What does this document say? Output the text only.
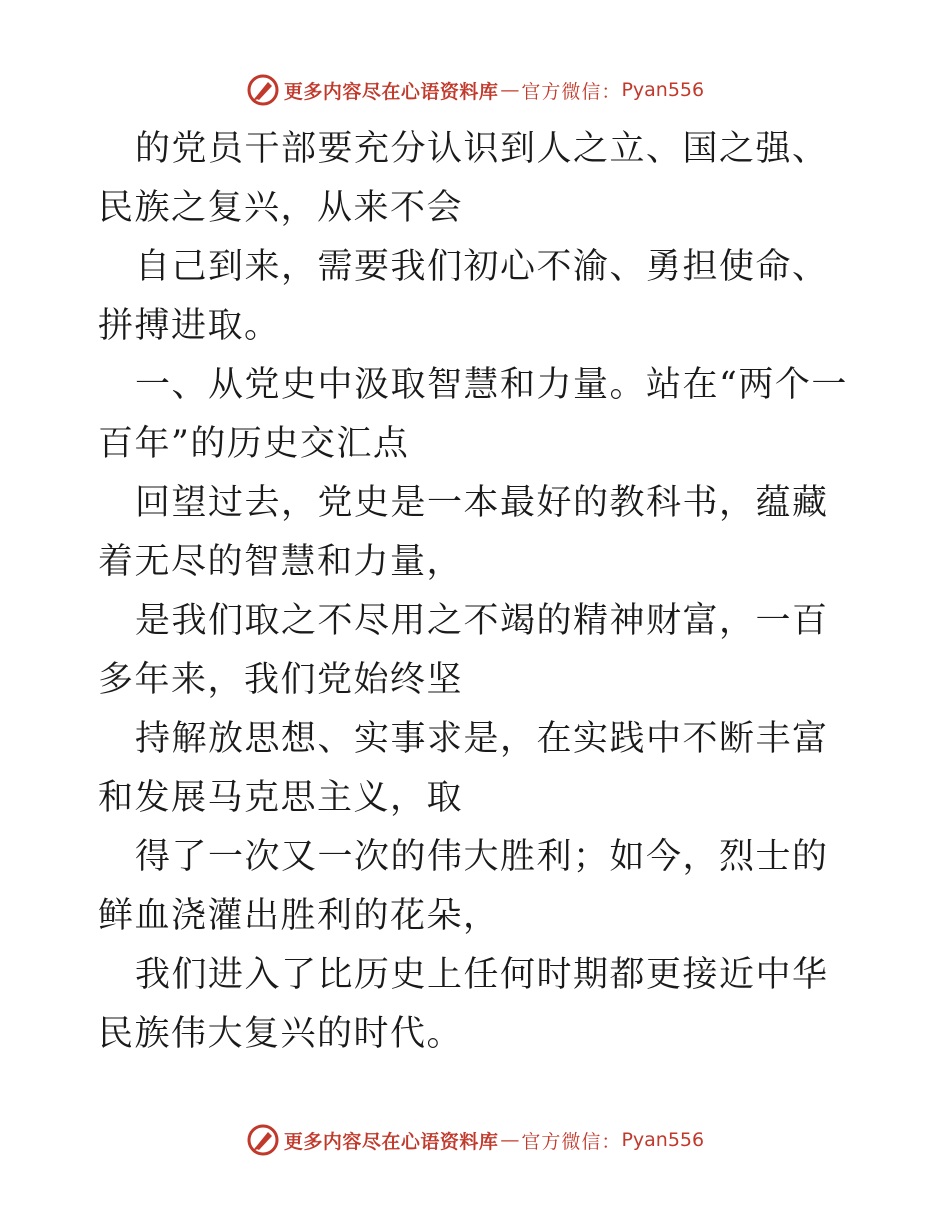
更多内容尽在心语资料库 — 官方微信： Pyan556

的党员干部要充分认识到人之立、国之强、民族之复兴，从来不会

自己到来，需要我们初心不渝、勇担使命、拼搏进取。

一、从党史中汲取智慧和力量。站在“两个一百年”的历史交汇点

回望过去，党史是一本最好的教科书，蕴藏着无尽的智慧和力量，

是我们取之不尽用之不竭的精神财富，一百多年来，我们党始终坚

持解放思想、实事求是，在实践中不断丰富和发展马克思主义，取

得了一次又一次的伟大胜利；如今，烈士的鲜血浇灌出胜利的花朵，

我们进入了比历史上任何时期都更接近中华民族伟大复兴的时代。

更多内容尽在心语资料库 — 官方微信： Pyan556
